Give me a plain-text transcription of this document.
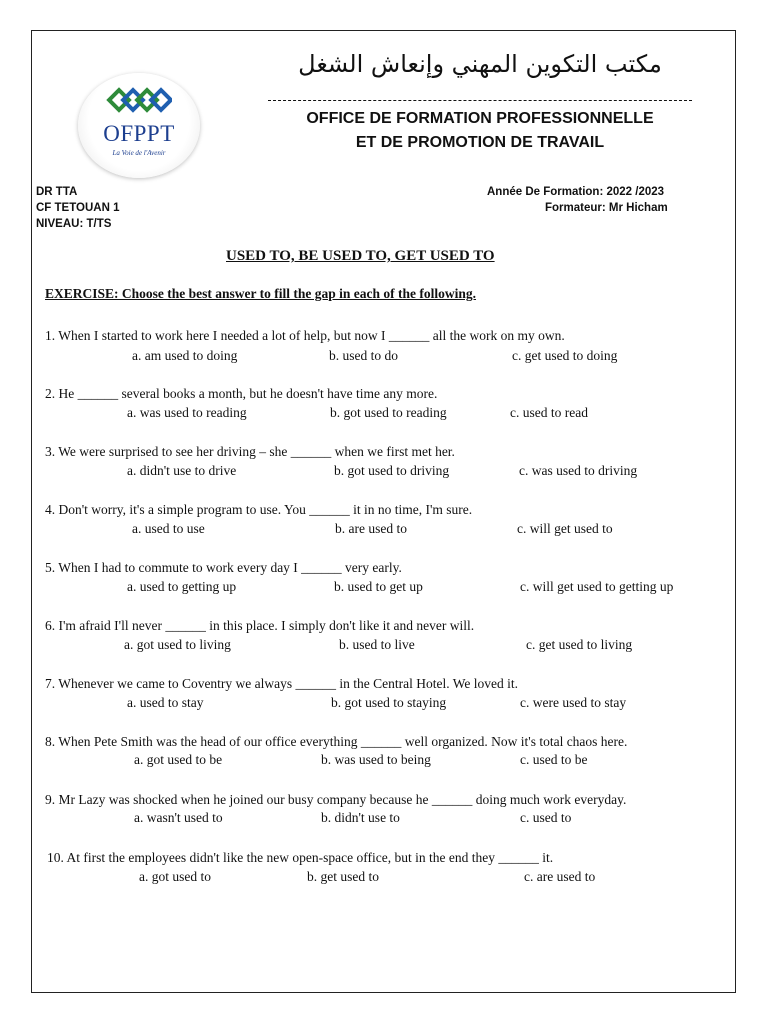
OFPPT
La Voie de l'Avenir
مكتب التكوين المهني وإنعاش الشغل
OFFICE DE FORMATION PROFESSIONNELLE
ET DE PROMOTION DE TRAVAIL
DR TTA
CF TETOUAN 1
NIVEAU: T/TS
Année De Formation: 2022 /2023
Formateur: Mr Hicham
USED TO, BE USED TO, GET USED TO
EXERCISE: Choose the best answer to fill the gap in each of the following.
1. When I started to work here I needed a lot of help, but now I ______ all the work on my own.
a. am used to doing	b. used to do	c. get used to doing
2. He ______ several books a month, but he doesn't have time any more.
a. was used to reading	b. got used to reading	c. used to read
3. We were surprised to see her driving – she ______ when we first met her.
a. didn't use to drive	b. got used to driving	c. was used to driving
4. Don't worry, it's a simple program to use. You ______ it in no time, I'm sure.
a. used to use	b. are used to	c. will get used to
5. When I had to commute to work every day I ______ very early.
a. used to getting up	b. used to get up	c. will get used to getting up
6. I'm afraid I'll never ______ in this place. I simply don't like it and never will.
a. got used to living	b. used to live	c. get used to living
7. Whenever we came to Coventry we always ______ in the Central Hotel. We loved it.
a. used to stay	b. got used to staying	c. were used to stay
8. When Pete Smith was the head of our office everything ______ well organized. Now it's total chaos here.
a. got used to be	b. was used to being	c. used to be
9. Mr Lazy was shocked when he joined our busy company because he ______ doing much work everyday.
a. wasn't used to	b. didn't use to	c. used to
10. At first the employees didn't like the new open-space office, but in the end they ______ it.
a. got used to	b. get used to	c. are used to
